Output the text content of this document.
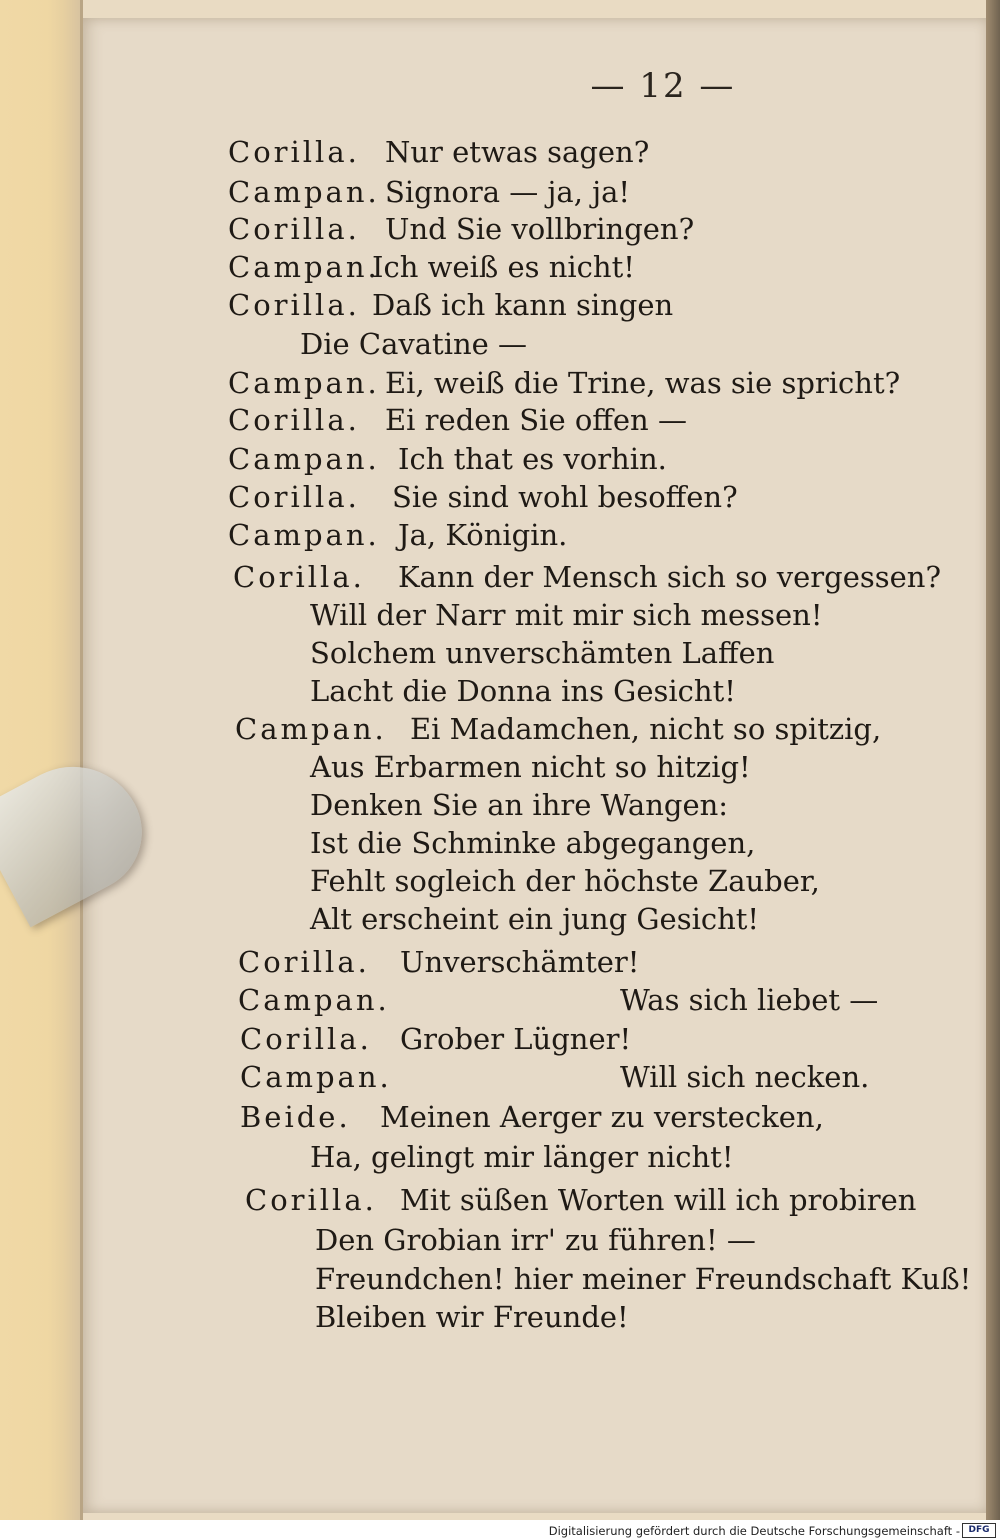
— 12 —
Corilla. Nur etwas sagen?
Campan. Signora — ja, ja!
Corilla. Und Sie vollbringen?
Campan.
Ich weiß es nicht!
Corilla. Daß ich kann singen
Die Cavatine —
Campan. Ei, weiß die Trine, was sie spricht?
Corilla. Ei reden Sie offen —
Campan. Ich that es vorhin.
Corilla. Sie sind wohl besoffen?
Campan. Ja, Königin.
Corilla. Kann der Mensch sich so vergessen?
Will der Narr mit mir sich messen!
Solchem unverschämten Laffen
Lacht die Donna ins Gesicht!
Campan. Ei Madamchen, nicht so spitzig,
Aus Erbarmen nicht so hitzig!
Denken Sie an ihre Wangen:
Ist die Schminke abgegangen,
Fehlt sogleich der höchste Zauber,
Alt erscheint ein jung Gesicht!
Corilla. Unverschämter!
Campan.	Was sich liebet —
Corilla. Grober Lügner!
Campan.	Will sich necken.
Beide. Meinen Aerger zu verstecken,
Ha, gelingt mir länger nicht!
Corilla. Mit süßen Worten will ich probiren
Den Grobian irr' zu führen! —
Freundchen! hier meiner Freundschaft Kuß!
Bleiben wir Freunde!
Digitalisierung gefördert durch die Deutsche Forschungsgemeinschaft - DFG
